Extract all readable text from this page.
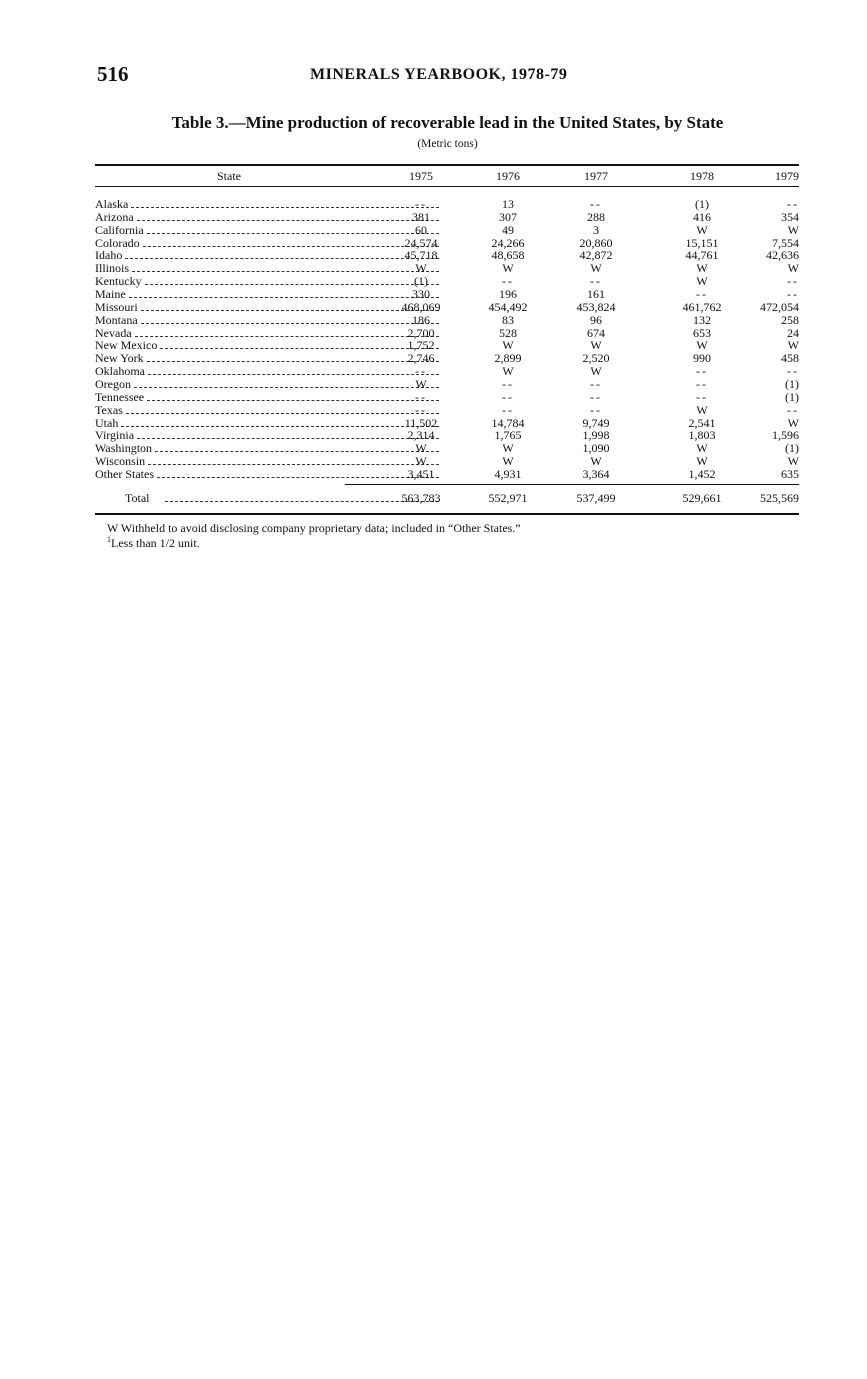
516	MINERALS YEARBOOK, 1978-79
Table 3.—Mine production of recoverable lead in the United States, by State
(Metric tons)
State	1975	1976	1977	1978	1979
Alaska	--	13	--	(1)	--
Arizona	381	307	288	416	354
California	60	49	3	W	W
Colorado	24,574	24,266	20,860	15,151	7,554
Idaho	45,718	48,658	42,872	44,761	42,636
Illinois	W	W	W	W	W
Kentucky	(1)	--	--	W	--
Maine	330	196	161	--	--
Missouri	468,069	454,492	453,824	461,762	472,054
Montana	186	83	96	132	258
Nevada	2,700	528	674	653	24
New Mexico	1,752	W	W	W	W
New York	2,746	2,899	2,520	990	458
Oklahoma	--	W	W	--	--
Oregon	W	--	--	--	(1)
Tennessee	--	--	--	--	(1)
Texas	--	--	--	W	--
Utah	11,502	14,784	9,749	2,541	W
Virginia	2,314	1,765	1,998	1,803	1,596
Washington	W	W	1,090	W	(1)
Wisconsin	W	W	W	W	W
Other States	3,451	4,931	3,364	1,452	635
Total	563,783	552,971	537,499	529,661	525,569
W Withheld to avoid disclosing company proprietary data; included in “Other States.”
$^1$Less than 1/2 unit.
